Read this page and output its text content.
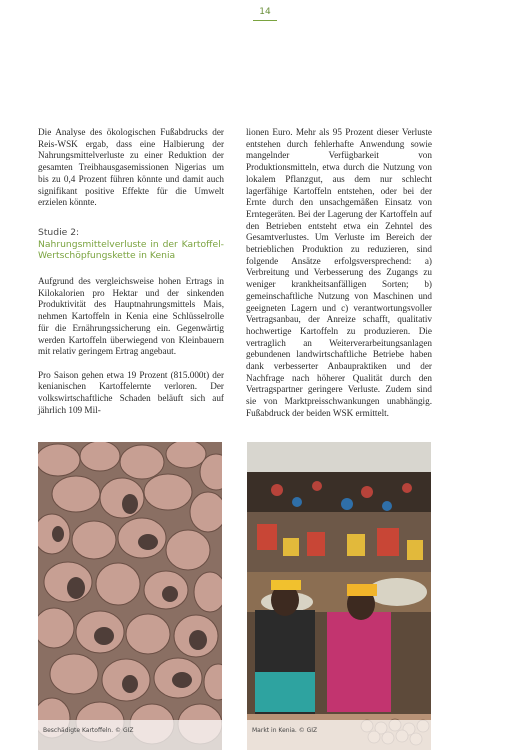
14

Die Analyse des ökologischen Fußabdrucks der Reis-WSK ergab, dass eine Halbierung der Nahrungsmittelverluste zu einer Reduktion der gesamten Treibhausgasemissionen Nigerias um bis zu 0,4 Prozent führen könnte und damit auch signifikant positive Effekte für die Umwelt erzielen könnte.

Studie 2:
Nahrungsmittelverluste in der Kartoffel-Wertschöpfungskette in Kenia

Aufgrund des vergleichsweise hohen Ertrags in Kilokalorien pro Hektar und der sinkenden Produktivität des Hauptnahrungsmittels Mais, nehmen Kartoffeln in Kenia eine Schlüsselrolle für die Ernährungssicherung ein. Gegenwärtig werden Kartoffeln überwiegend von Kleinbauern mit relativ geringem Ertrag angebaut.

Pro Saison gehen etwa 19 Prozent (815.000t) der kenianischen Kartoffelernte verloren. Der volkswirtschaftliche Schaden beläuft sich auf jährlich 109 Mil-

lionen Euro. Mehr als 95 Prozent dieser Verluste entstehen durch fehlerhafte Anwendung sowie mangelnder Verfügbarkeit von Produktionsmitteln, etwa durch die Nutzung von lokalem Pflanzgut, aus dem nur schlecht lagerfähige Kartoffeln entstehen, oder bei der Ernte durch den unsachgemäßen Einsatz von Erntegeräten. Bei der Lagerung der Kartoffeln auf den Betrieben entsteht etwa ein Zehntel des Gesamtverlustes. Um Verluste im Bereich der betrieblichen Produktion zu reduzieren, sind folgende Ansätze erfolgsversprechend: a) Verbreitung und Verbesserung des Zugangs zu weniger krankheitsanfälligen Sorten; b) gemeinschaftliche Nutzung von Maschinen und geeigneten Lagern und c) verantwortungsvoller Vertragsanbau, der Anreize schafft, qualitativ hochwertige Kartoffeln zu produzieren. Die vertraglich an Weiterverarbeitungsanlagen gebundenen landwirtschaftliche Betriebe haben dank verbesserter Anbaupraktiken und der Nachfrage nach höherer Qualität durch den Vertragspartner geringere Verluste. Zudem sind sie von Marktpreisschwankungen unabhängig. Fußabdruck der beiden WSK ermittelt.

Beschädigte Kartoffeln. © GIZ	Markt in Kenia. © GIZ
